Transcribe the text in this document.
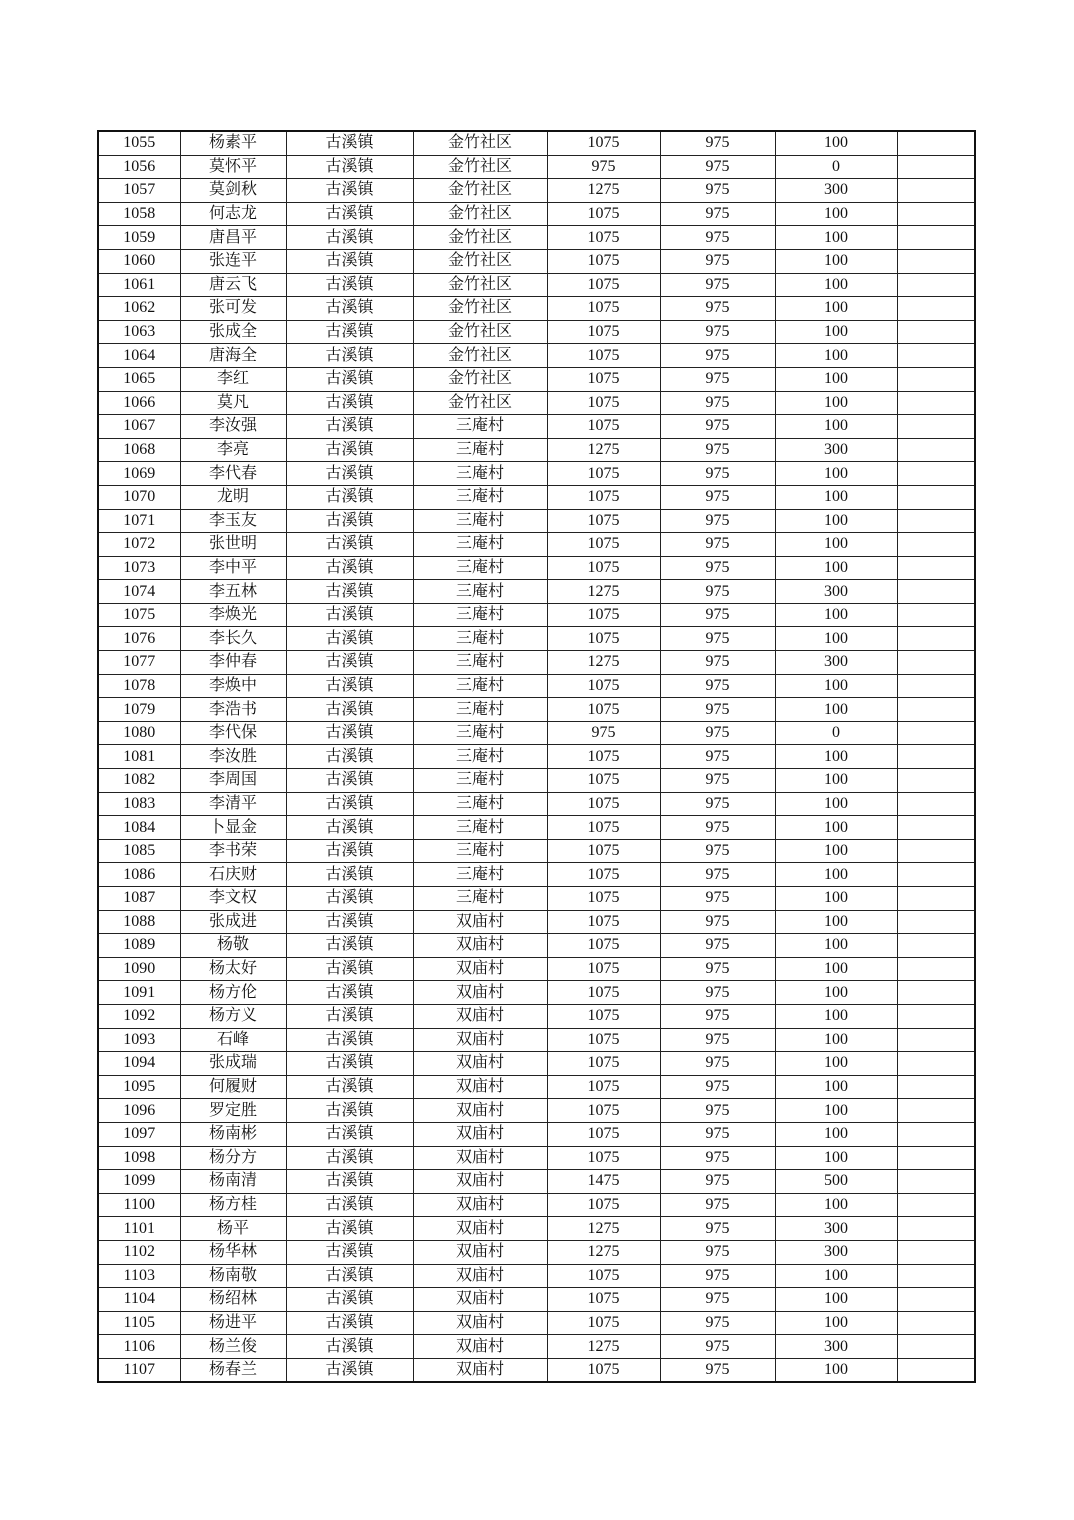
1055	杨素平	古溪镇	金竹社区	1075	975	100	
1056	莫怀平	古溪镇	金竹社区	975	975	0	
1057	莫剑秋	古溪镇	金竹社区	1275	975	300	
1058	何志龙	古溪镇	金竹社区	1075	975	100	
1059	唐昌平	古溪镇	金竹社区	1075	975	100	
1060	张连平	古溪镇	金竹社区	1075	975	100	
1061	唐云飞	古溪镇	金竹社区	1075	975	100	
1062	张可发	古溪镇	金竹社区	1075	975	100	
1063	张成全	古溪镇	金竹社区	1075	975	100	
1064	唐海全	古溪镇	金竹社区	1075	975	100	
1065	李红	古溪镇	金竹社区	1075	975	100	
1066	莫凡	古溪镇	金竹社区	1075	975	100	
1067	李汝强	古溪镇	三庵村	1075	975	100	
1068	李亮	古溪镇	三庵村	1275	975	300	
1069	李代春	古溪镇	三庵村	1075	975	100	
1070	龙明	古溪镇	三庵村	1075	975	100	
1071	李玉友	古溪镇	三庵村	1075	975	100	
1072	张世明	古溪镇	三庵村	1075	975	100	
1073	李中平	古溪镇	三庵村	1075	975	100	
1074	李五林	古溪镇	三庵村	1275	975	300	
1075	李焕光	古溪镇	三庵村	1075	975	100	
1076	李长久	古溪镇	三庵村	1075	975	100	
1077	李仲春	古溪镇	三庵村	1275	975	300	
1078	李焕中	古溪镇	三庵村	1075	975	100	
1079	李浩书	古溪镇	三庵村	1075	975	100	
1080	李代保	古溪镇	三庵村	975	975	0	
1081	李汝胜	古溪镇	三庵村	1075	975	100	
1082	李周国	古溪镇	三庵村	1075	975	100	
1083	李清平	古溪镇	三庵村	1075	975	100	
1084	卜显金	古溪镇	三庵村	1075	975	100	
1085	李书荣	古溪镇	三庵村	1075	975	100	
1086	石庆财	古溪镇	三庵村	1075	975	100	
1087	李文权	古溪镇	三庵村	1075	975	100	
1088	张成进	古溪镇	双庙村	1075	975	100	
1089	杨敬	古溪镇	双庙村	1075	975	100	
1090	杨太好	古溪镇	双庙村	1075	975	100	
1091	杨方伦	古溪镇	双庙村	1075	975	100	
1092	杨方义	古溪镇	双庙村	1075	975	100	
1093	石峰	古溪镇	双庙村	1075	975	100	
1094	张成瑞	古溪镇	双庙村	1075	975	100	
1095	何履财	古溪镇	双庙村	1075	975	100	
1096	罗定胜	古溪镇	双庙村	1075	975	100	
1097	杨南彬	古溪镇	双庙村	1075	975	100	
1098	杨分方	古溪镇	双庙村	1075	975	100	
1099	杨南清	古溪镇	双庙村	1475	975	500	
1100	杨方桂	古溪镇	双庙村	1075	975	100	
1101	杨平	古溪镇	双庙村	1275	975	300	
1102	杨华林	古溪镇	双庙村	1275	975	300	
1103	杨南敬	古溪镇	双庙村	1075	975	100	
1104	杨绍林	古溪镇	双庙村	1075	975	100	
1105	杨进平	古溪镇	双庙村	1075	975	100	
1106	杨兰俊	古溪镇	双庙村	1275	975	300	
1107	杨春兰	古溪镇	双庙村	1075	975	100	
